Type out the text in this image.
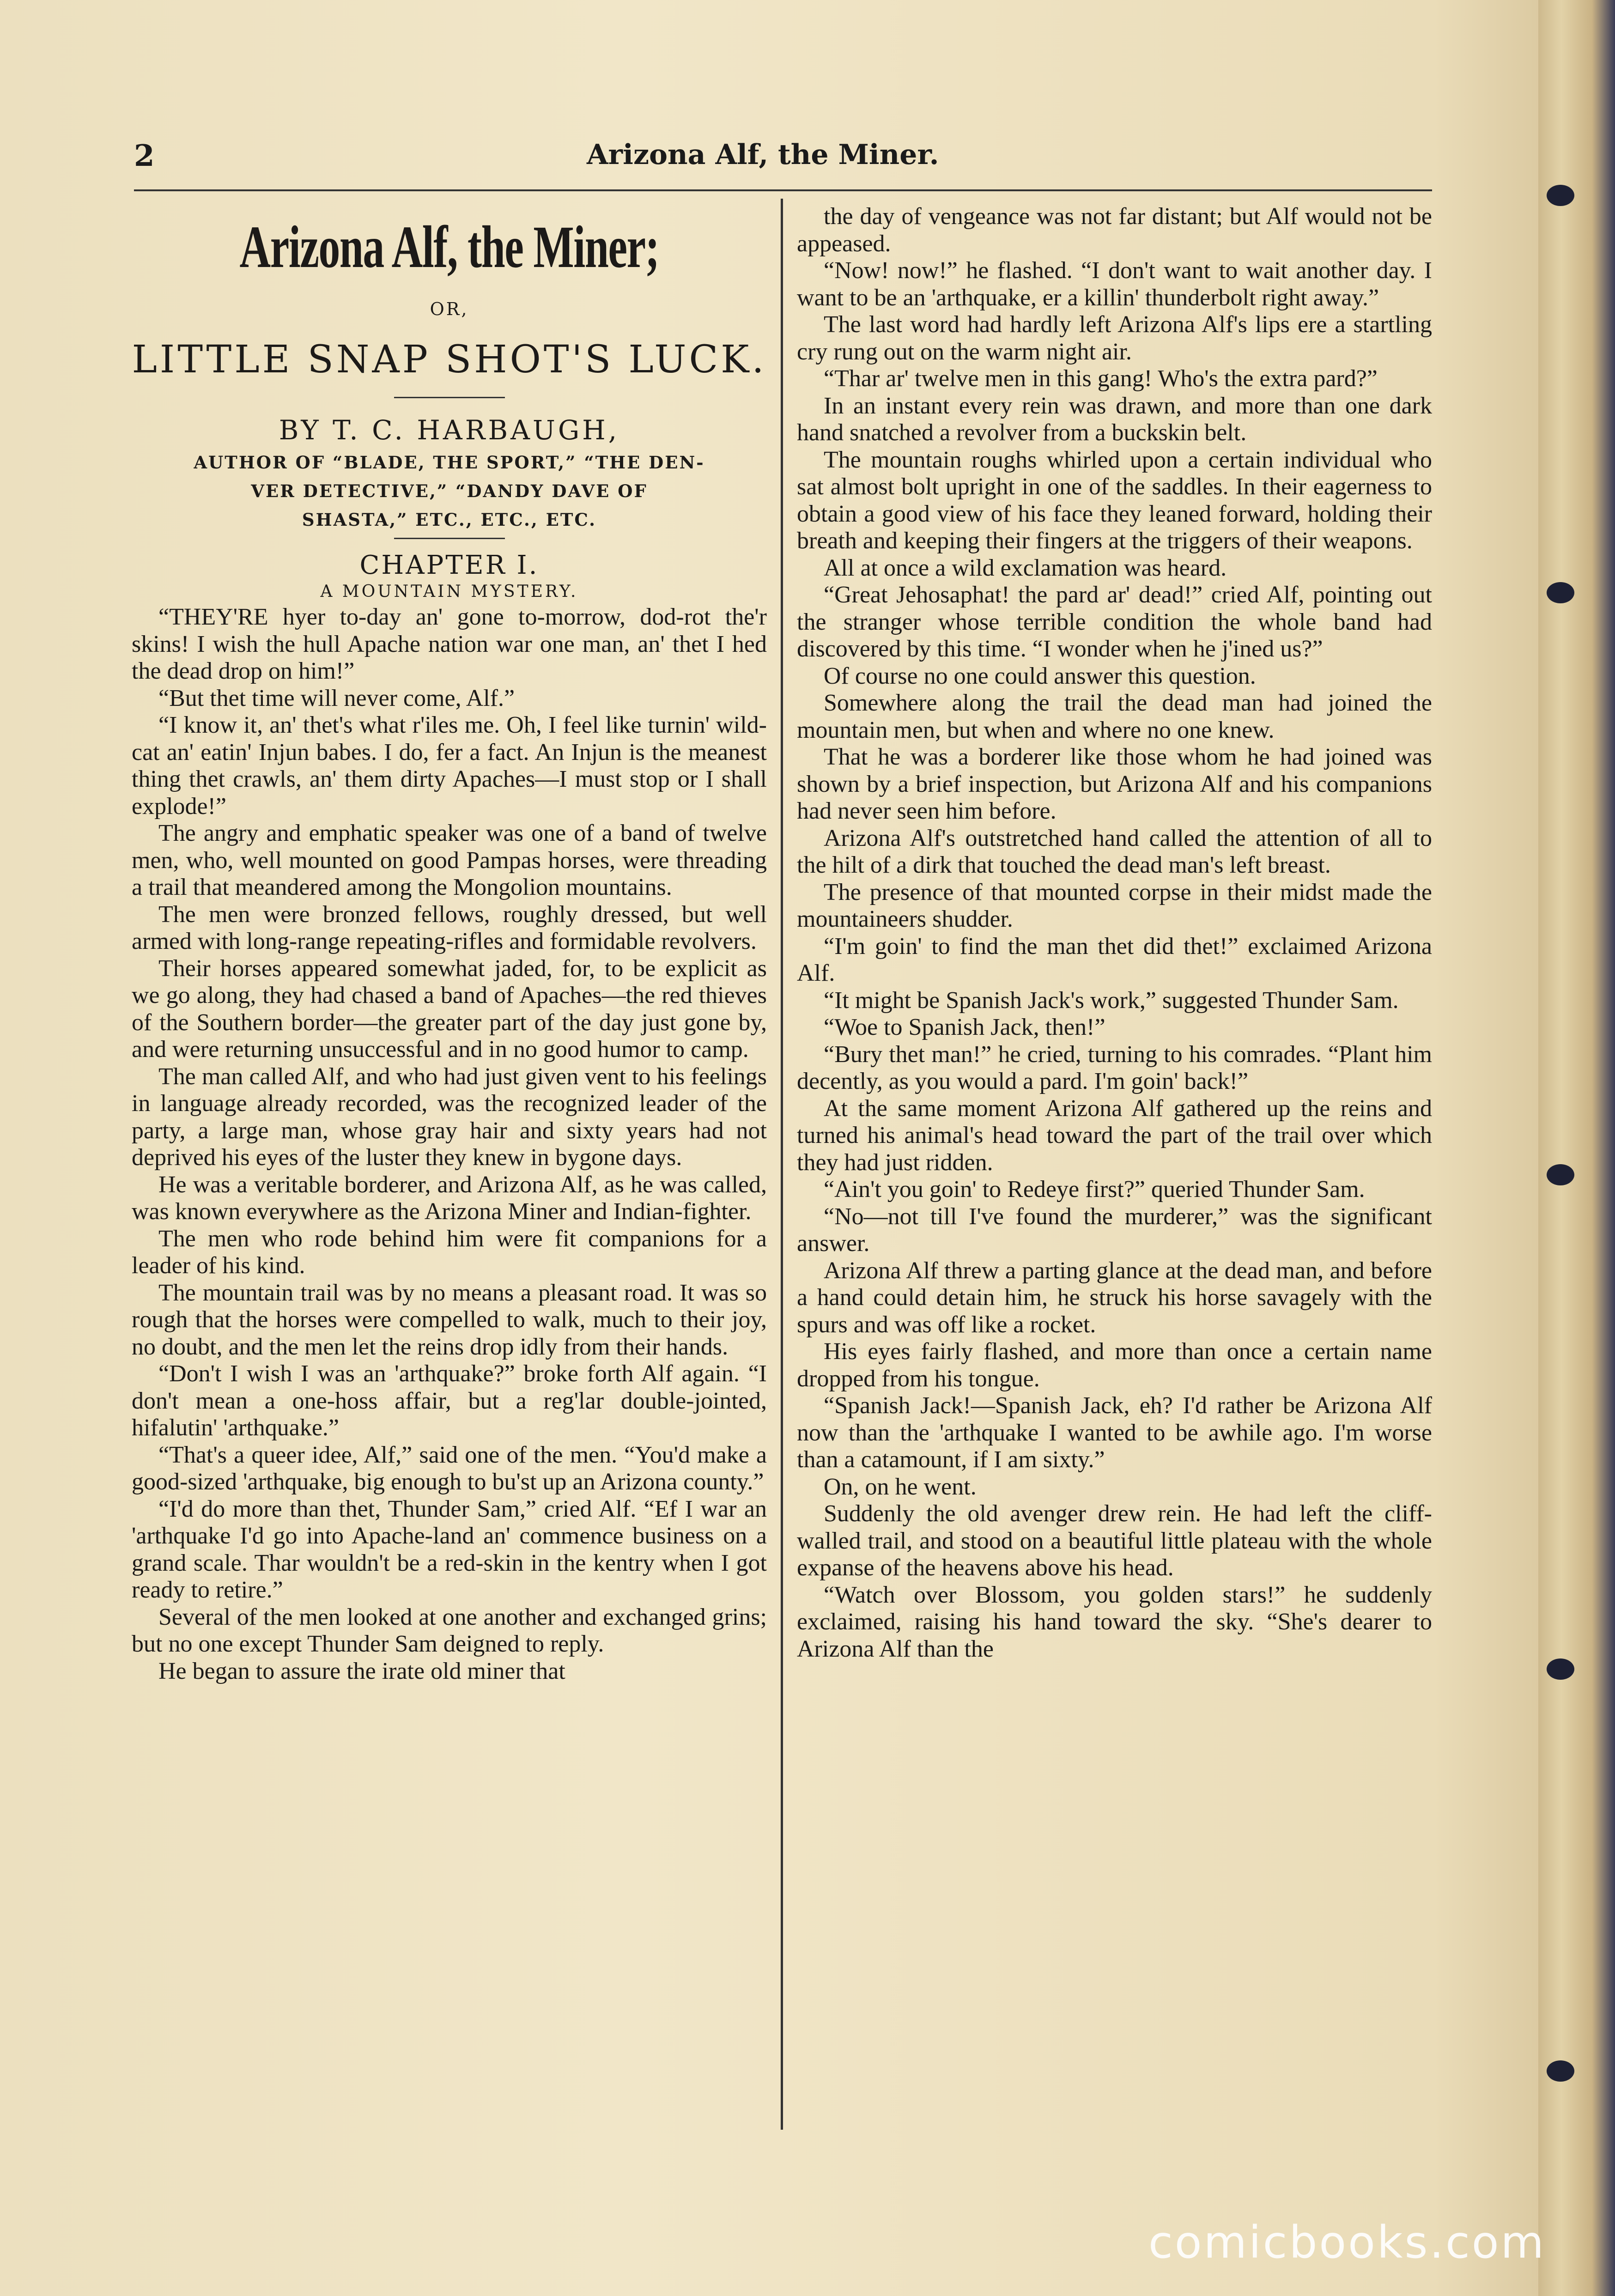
2	Arizona Alf, the Miner.
Arizona Alf, the Miner;
OR,
LITTLE SNAP SHOT'S LUCK.
BY T. C. HARBAUGH,
AUTHOR OF “BLADE, THE SPORT,” “THE DEN-
VER DETECTIVE,” “DANDY DAVE OF
SHASTA,” ETC., ETC., ETC.
CHAPTER I.
A MOUNTAIN MYSTERY.

“THEY'RE hyer to-day an' gone to-morrow, dod-rot the'r skins! I wish the hull Apache nation war one man, an' thet I hed the dead drop on him!”

“But thet time will never come, Alf.”

“I know it, an' thet's what r'iles me. Oh, I feel like turnin' wild-cat an' eatin' Injun babes. I do, fer a fact. An Injun is the meanest thing thet crawls, an' them dirty Apaches—I must stop or I shall explode!”

The angry and emphatic speaker was one of a band of twelve men, who, well mounted on good Pampas horses, were threading a trail that meandered among the Mongolion mountains.

The men were bronzed fellows, roughly dressed, but well armed with long-range repeating-rifles and formidable revolvers.

Their horses appeared somewhat jaded, for, to be explicit as we go along, they had chased a band of Apaches—the red thieves of the Southern border—the greater part of the day just gone by, and were returning unsuccessful and in no good humor to camp.

The man called Alf, and who had just given vent to his feelings in language already recorded, was the recognized leader of the party, a large man, whose gray hair and sixty years had not deprived his eyes of the luster they knew in bygone days.

He was a veritable borderer, and Arizona Alf, as he was called, was known everywhere as the Arizona Miner and Indian-fighter.

The men who rode behind him were fit companions for a leader of his kind.

The mountain trail was by no means a pleasant road. It was so rough that the horses were compelled to walk, much to their joy, no doubt, and the men let the reins drop idly from their hands.

“Don't I wish I was an 'arthquake?” broke forth Alf again. “I don't mean a one-hoss affair, but a reg'lar double-jointed, hifalutin' 'arthquake.”

“That's a queer idee, Alf,” said one of the men. “You'd make a good-sized 'arthquake, big enough to bu'st up an Arizona county.”

“I'd do more than thet, Thunder Sam,” cried Alf. “Ef I war an 'arthquake I'd go into Apache-land an' commence business on a grand scale. Thar wouldn't be a red-skin in the kentry when I got ready to retire.”

Several of the men looked at one another and exchanged grins; but no one except Thunder Sam deigned to reply.

He began to assure the irate old miner that

the day of vengeance was not far distant; but Alf would not be appeased.

“Now! now!” he flashed. “I don't want to wait another day. I want to be an 'arthquake, er a killin' thunderbolt right away.”

The last word had hardly left Arizona Alf's lips ere a startling cry rung out on the warm night air.

“Thar ar' twelve men in this gang! Who's the extra pard?”

In an instant every rein was drawn, and more than one dark hand snatched a revolver from a buckskin belt.

The mountain roughs whirled upon a certain individual who sat almost bolt upright in one of the saddles. In their eagerness to obtain a good view of his face they leaned forward, holding their breath and keeping their fingers at the triggers of their weapons.

All at once a wild exclamation was heard.

“Great Jehosaphat! the pard ar' dead!” cried Alf, pointing out the stranger whose terrible condition the whole band had discovered by this time. “I wonder when he j'ined us?”

Of course no one could answer this question.

Somewhere along the trail the dead man had joined the mountain men, but when and where no one knew.

That he was a borderer like those whom he had joined was shown by a brief inspection, but Arizona Alf and his companions had never seen him before.

Arizona Alf's outstretched hand called the attention of all to the hilt of a dirk that touched the dead man's left breast.

The presence of that mounted corpse in their midst made the mountaineers shudder.

“I'm goin' to find the man thet did thet!” exclaimed Arizona Alf.

“It might be Spanish Jack's work,” suggested Thunder Sam.

“Woe to Spanish Jack, then!”

“Bury thet man!” he cried, turning to his comrades. “Plant him decently, as you would a pard. I'm goin' back!”

At the same moment Arizona Alf gathered up the reins and turned his animal's head toward the part of the trail over which they had just ridden.

“Ain't you goin' to Redeye first?” queried Thunder Sam.

“No—not till I've found the murderer,” was the significant answer.

Arizona Alf threw a parting glance at the dead man, and before a hand could detain him, he struck his horse savagely with the spurs and was off like a rocket.

His eyes fairly flashed, and more than once a certain name dropped from his tongue.

“Spanish Jack!—Spanish Jack, eh? I'd rather be Arizona Alf now than the 'arthquake I wanted to be awhile ago. I'm worse than a catamount, if I am sixty.”

On, on he went.

Suddenly the old avenger drew rein. He had left the cliff-walled trail, and stood on a beautiful little plateau with the whole expanse of the heavens above his head.

“Watch over Blossom, you golden stars!” he suddenly exclaimed, raising his hand toward the sky. “She's dearer to Arizona Alf than the

comicbooks.com
